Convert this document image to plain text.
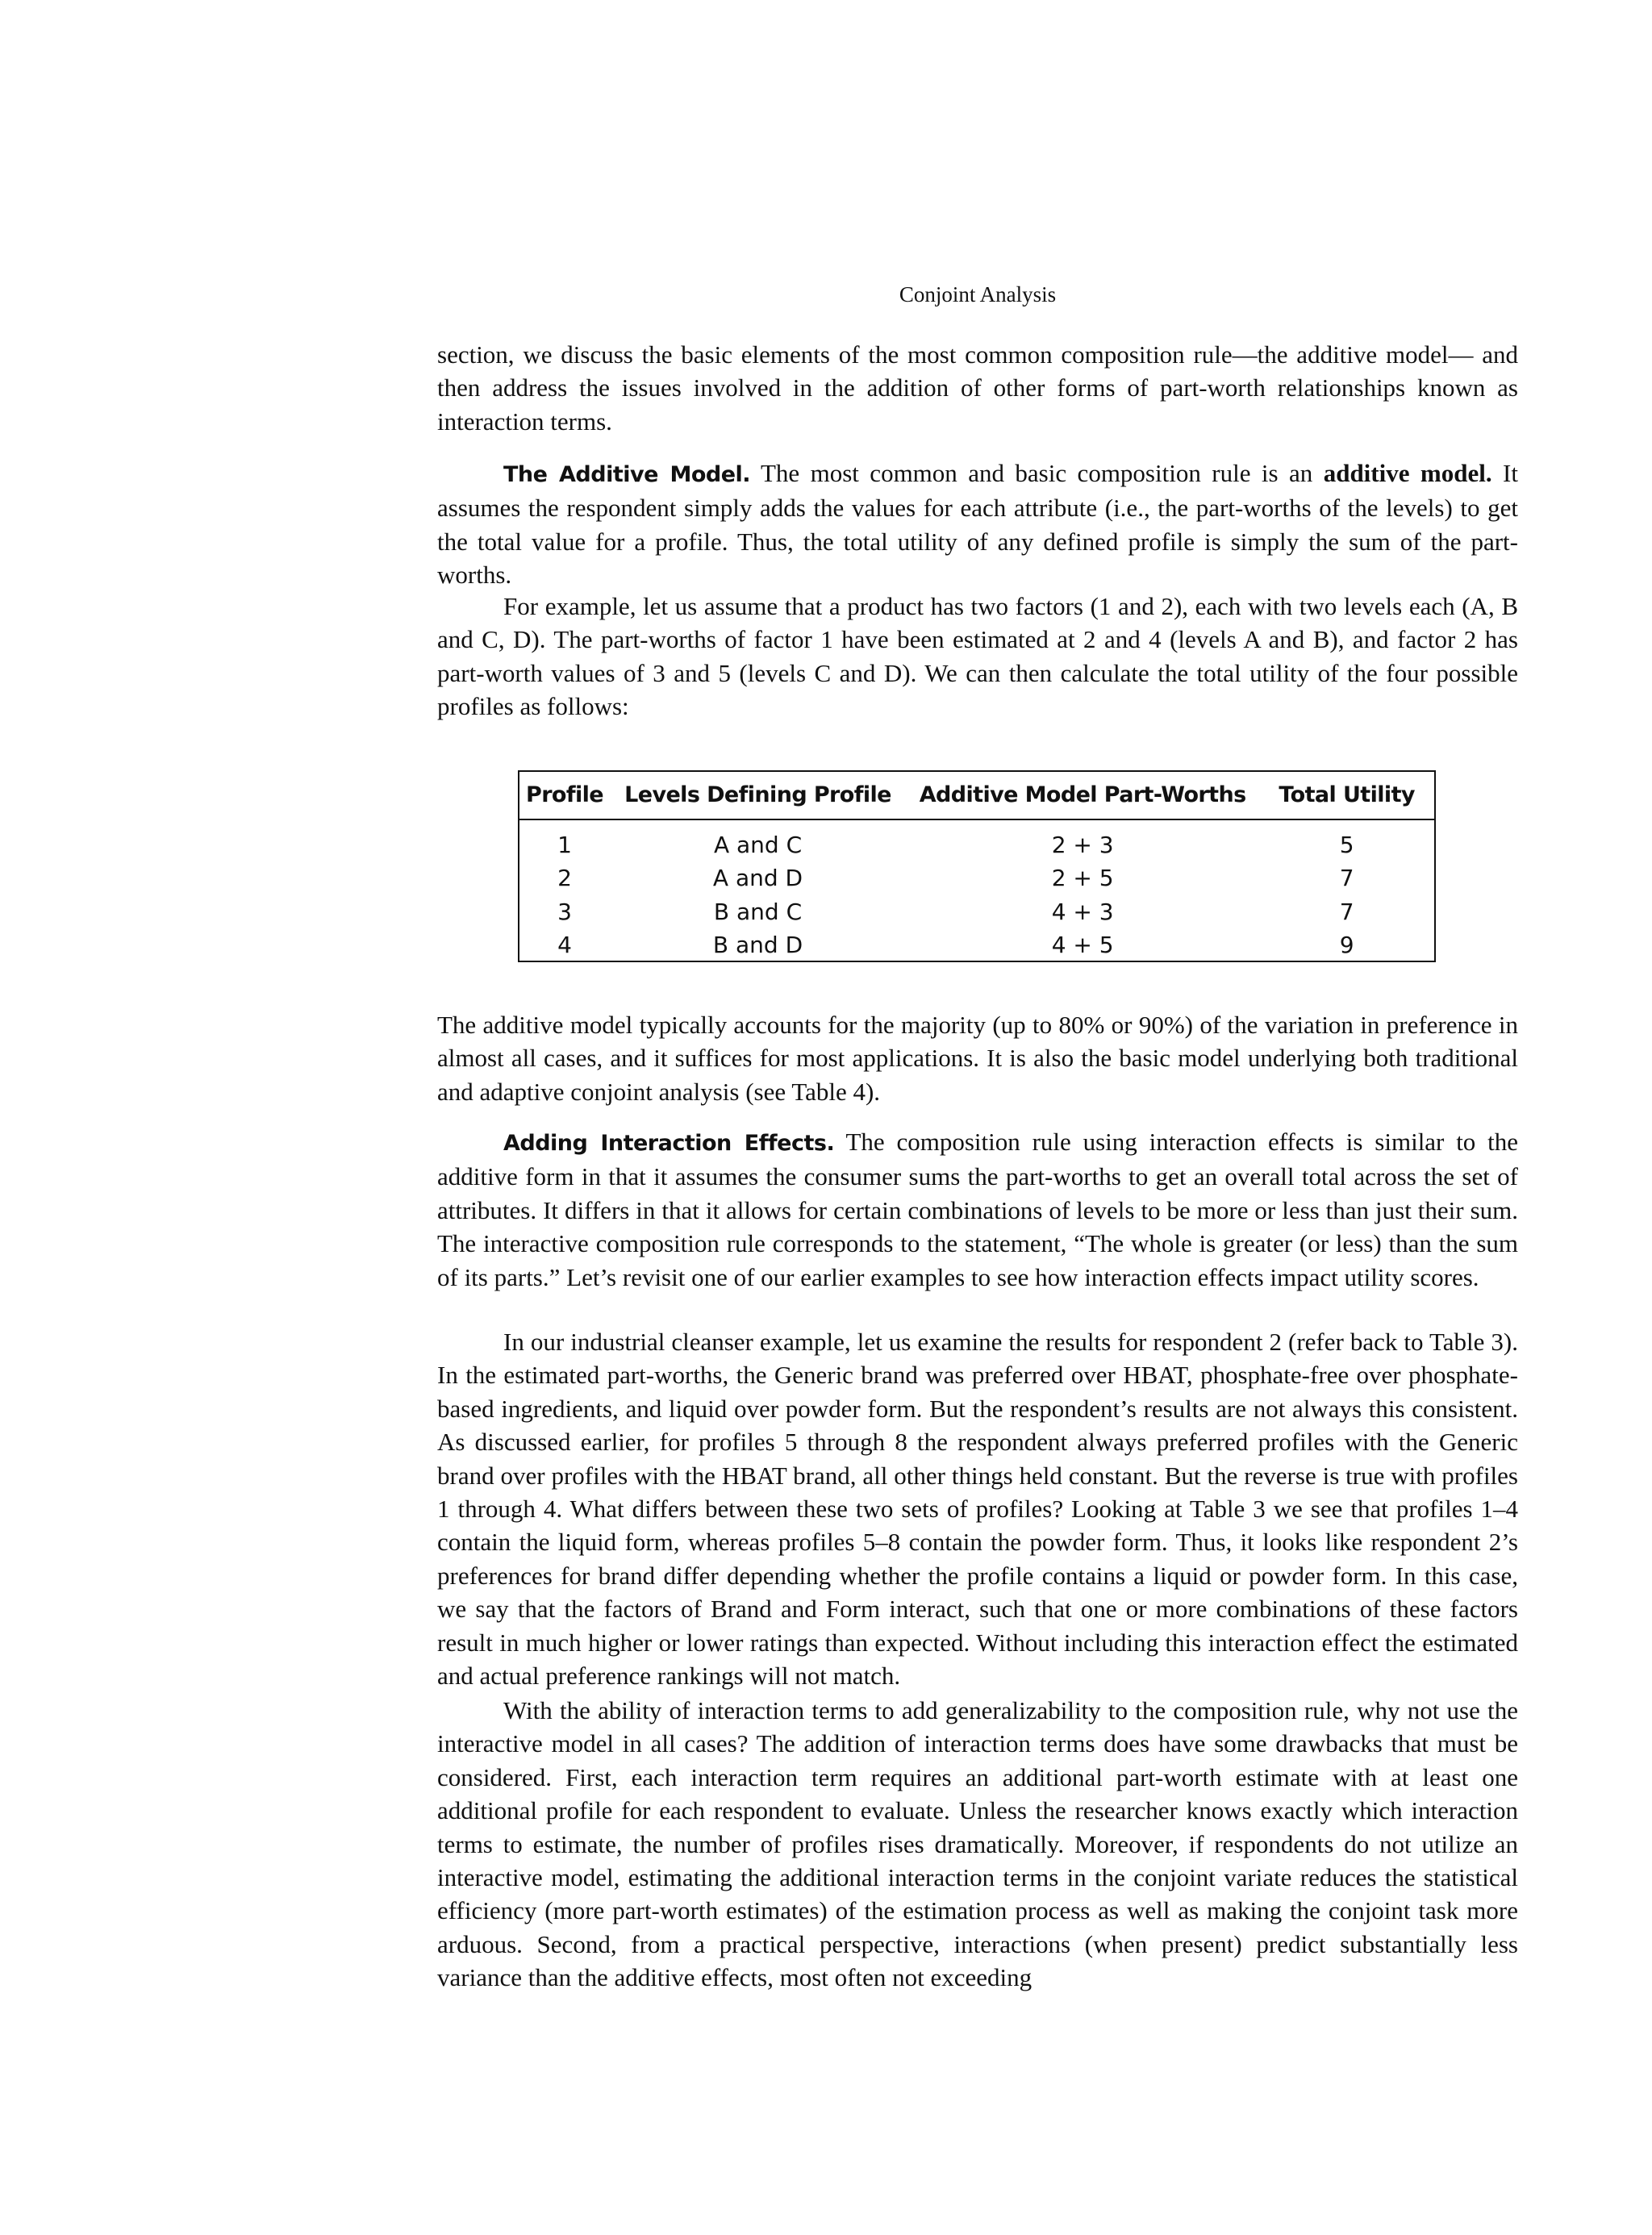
Conjoint Analysis

section, we discuss the basic elements of the most common composition rule—the additive model— and then address the issues involved in the addition of other forms of part-worth relationships known as interaction terms.

The Additive Model. The most common and basic composition rule is an additive model. It assumes the respondent simply adds the values for each attribute (i.e., the part-worths of the levels) to get the total value for a profile. Thus, the total utility of any defined profile is simply the sum of the part-worths.

For example, let us assume that a product has two factors (1 and 2), each with two levels each (A, B and C, D). The part-worths of factor 1 have been estimated at 2 and 4 (levels A and B), and factor 2 has part-worth values of 3 and 5 (levels C and D). We can then calculate the total utility of the four possible profiles as follows:

Profile	Levels Defining Profile	Additive Model Part-Worths	Total Utility
1	A and C	2 + 3	5
2	A and D	2 + 5	7
3	B and C	4 + 3	7
4	B and D	4 + 5	9

The additive model typically accounts for the majority (up to 80% or 90%) of the variation in preference in almost all cases, and it suffices for most applications. It is also the basic model underlying both traditional and adaptive conjoint analysis (see Table 4).

Adding Interaction Effects. The composition rule using interaction effects is similar to the additive form in that it assumes the consumer sums the part-worths to get an overall total across the set of attributes. It differs in that it allows for certain combinations of levels to be more or less than just their sum. The interactive composition rule corresponds to the statement, “The whole is greater (or less) than the sum of its parts.” Let’s revisit one of our earlier examples to see how interaction effects impact utility scores.

In our industrial cleanser example, let us examine the results for respondent 2 (refer back to Table 3). In the estimated part-worths, the Generic brand was preferred over HBAT, phosphate-free over phosphate-based ingredients, and liquid over powder form. But the respondent’s results are not always this consistent. As discussed earlier, for profiles 5 through 8 the respondent always preferred profiles with the Generic brand over profiles with the HBAT brand, all other things held constant. But the reverse is true with profiles 1 through 4. What differs between these two sets of profiles? Looking at Table 3 we see that profiles 1–4 contain the liquid form, whereas profiles 5–8 contain the powder form. Thus, it looks like respondent 2’s preferences for brand differ depending whether the profile contains a liquid or powder form. In this case, we say that the factors of Brand and Form interact, such that one or more combinations of these factors result in much higher or lower ratings than expected. Without including this interaction effect the estimated and actual preference rankings will not match.

With the ability of interaction terms to add generalizability to the composition rule, why not use the interactive model in all cases? The addition of interaction terms does have some drawbacks that must be considered. First, each interaction term requires an additional part-worth estimate with at least one additional profile for each respondent to evaluate. Unless the researcher knows exactly which interaction terms to estimate, the number of profiles rises dramatically. Moreover, if respondents do not utilize an interactive model, estimating the additional interaction terms in the conjoint variate reduces the statistical efficiency (more part-worth estimates) of the estimation process as well as making the conjoint task more arduous. Second, from a practical perspective, interactions (when present) predict substantially less variance than the additive effects, most often not exceeding
